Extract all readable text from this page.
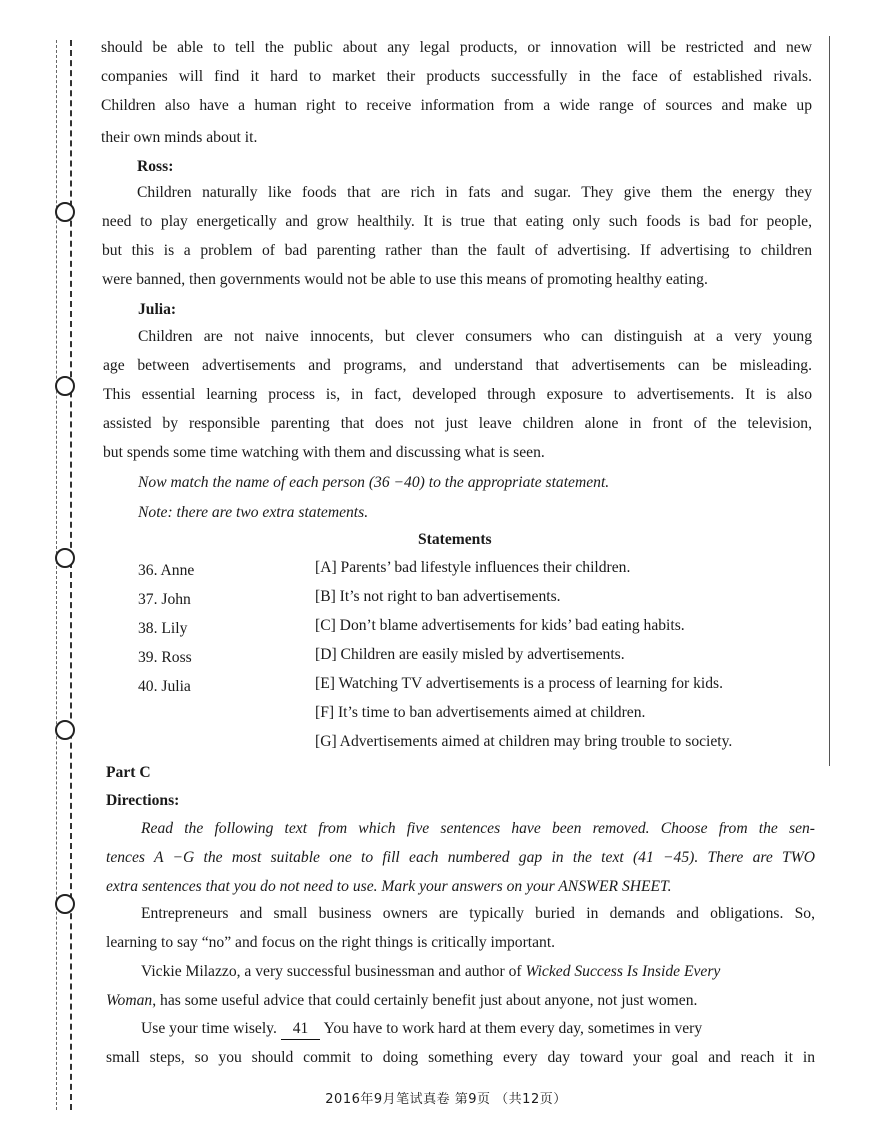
should be able to tell the public about any legal products, or innovation will be restricted and new
companies will find it hard to market their products successfully in the face of established rivals.
Children also have a human right to receive information from a wide range of sources and make up
their own minds about it.
Ross:
Children naturally like foods that are rich in fats and sugar. They give them the energy they
need to play energetically and grow healthily. It is true that eating only such foods is bad for people,
but this is a problem of bad parenting rather than the fault of advertising. If advertising to children
were banned, then governments would not be able to use this means of promoting healthy eating.
Julia:
Children are not naive innocents, but clever consumers who can distinguish at a very young
age between advertisements and programs, and understand that advertisements can be misleading.
This essential learning process is, in fact, developed through exposure to advertisements. It is also
assisted by responsible parenting that does not just leave children alone in front of the television,
but spends some time watching with them and discussing what is seen.
Now match the name of each person (36 −40) to the appropriate statement.
Note: there are two extra statements.
Statements
36. Anne
37. John
38. Lily
39. Ross
40. Julia
[A] Parents’ bad lifestyle influences their children.
[B] It’s not right to ban advertisements.
[C] Don’t blame advertisements for kids’ bad eating habits.
[D] Children are easily misled by advertisements.
[E] Watching TV advertisements is a process of learning for kids.
[F] It’s time to ban advertisements aimed at children.
[G] Advertisements aimed at children may bring trouble to society.
Part C
Directions:
Read the following text from which five sentences have been removed. Choose from the sen-
tences A −G the most suitable one to fill each numbered gap in the text (41 −45). There are TWO
extra sentences that you do not need to use. Mark your answers on your ANSWER SHEET.
Entrepreneurs and small business owners are typically buried in demands and obligations. So,
learning to say “no” and focus on the right things is critically important.
Vickie Milazzo, a very successful businessman and author of Wicked Success Is Inside Every
Woman, has some useful advice that could certainly benefit just about anyone, not just women.
Use your time wisely. 41 You have to work hard at them every day, sometimes in very
small steps, so you should commit to doing something every day toward your goal and reach it in
2016年9月笔试真卷 第9页 （共12页）
